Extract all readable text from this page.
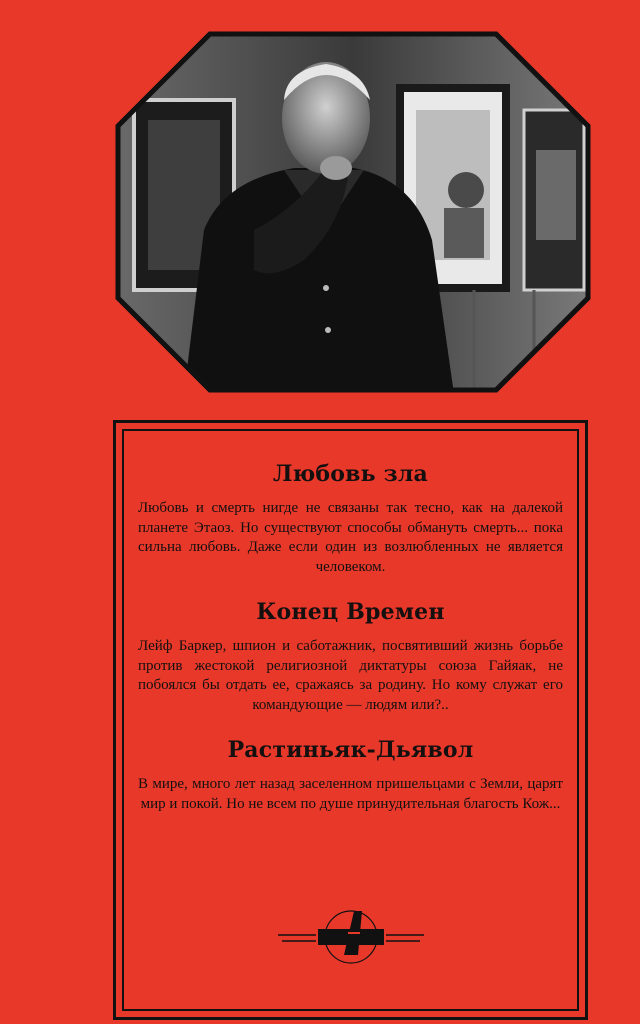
Любовь зла

Любовь и смерть нигде не связаны так тесно, как на далекой планете Этаоз. Но существуют способы обмануть смерть... пока сильна любовь. Даже если один из возлюбленных не является человеком.

Конец Времен

Лейф Баркер, шпион и саботажник, посвятивший жизнь борьбе против жестокой религиозной диктатуры союза Гайяак, не побоялся бы отдать ее, сражаясь за родину. Но кому служат его командующие — людям или?..

Растиньяк-Дьявол

В мире, много лет назад заселенном пришельцами с Земли, царят мир и покой. Но не всем по душе принудительная благость Кож...
